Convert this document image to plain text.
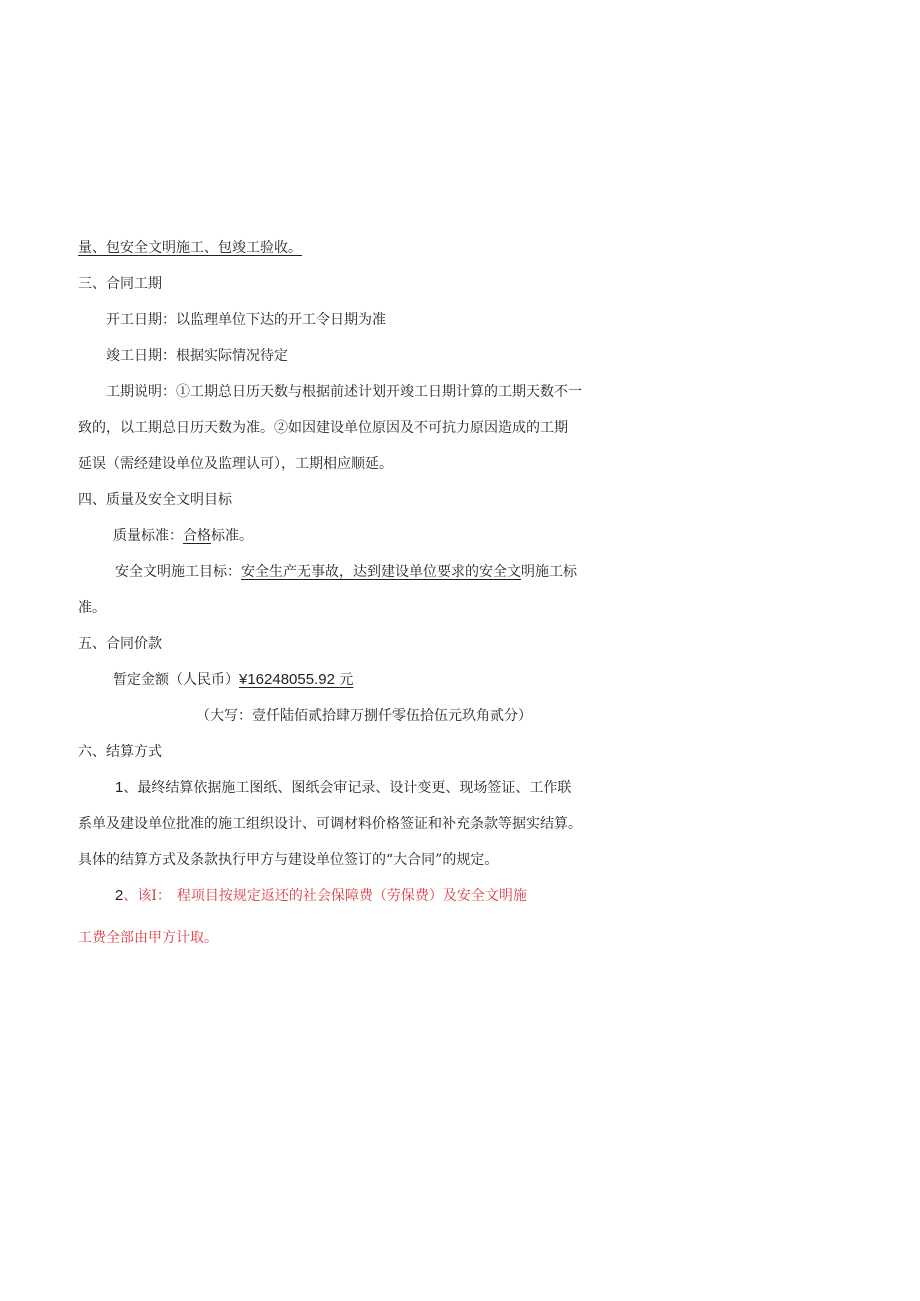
量、包安全文明施工、包竣工验收。
三、合同工期
开工日期：以监理单位下达的开工令日期为准
竣工日期：根据实际情况待定
工期说明：①工期总日历天数与根据前述计划开竣工日期计算的工期天数不一
致的，以工期总日历天数为准。②如因建设单位原因及不可抗力原因造成的工期
延误（需经建设单位及监理认可），工期相应顺延。
四、质量及安全文明目标
质量标准：合格标准。
安全文明施工目标：安全生产无事故，达到建设单位要求的安全文明施工标
准。
五、合同价款
暂定金额（人民币）¥16248055.92 元
（大写：壹仟陆佰贰拾肆万捌仟零伍拾伍元玖角贰分）
六、结算方式
1、最终结算依据施工图纸、图纸会审记录、设计变更、现场签证、工作联
系单及建设单位批准的施工组织设计、可调材料价格签证和补充条款等据实结算。
具体的结算方式及条款执行甲方与建设单位签订的“大合同”的规定。
2、该I： 程项目按规定返还的社会保障费（劳保费）及安全文明施
工费全部由甲方计取。
